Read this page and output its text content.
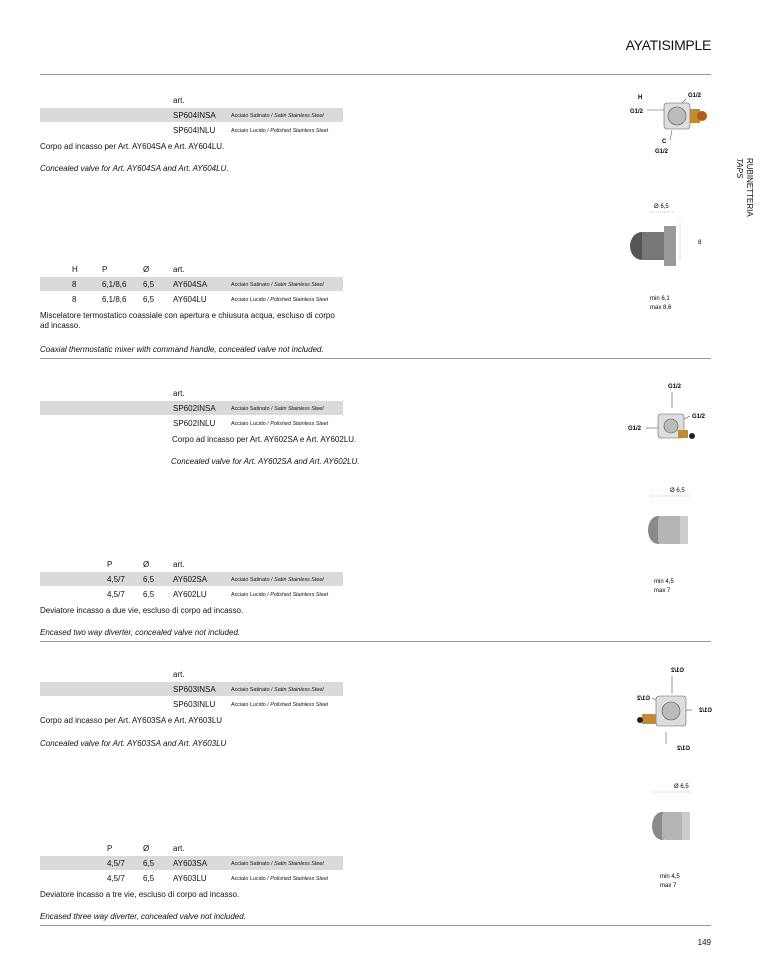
AYATISIMPLE
RUBINETTERIA
TAPS
art.
SP604INSA	Acciaio Satinato / Satin Stainless Steel
SP604INLU	Acciaio Lucido / Polished Stainless Steel
Corpo ad incasso per Art. AY604SA e Art. AY604LU.
Concealed valve for Art. AY604SA and Art. AY604LU.
H	P	Ø	art.
8	6,1/8,6 6,5 AY604SA	Acciaio Satinato / Satin Stainless Steel
8	6,1/8,6 6,5 AY604LU	Acciaio Lucido / Polished Stainless Steel
Miscelatore termostatico coassiale con apertura e chiusura acqua, escluso di corpo ad incasso.
Coaxial thermostatic mixer with command handle, concealed valve not included.
H	G1/2
G1/2
C
G1/2
Ø 6,5
8
min 6,1
max 8,6
art.
SP602INSA	Acciaio Satinato / Satin Stainless Steel
SP602INLU	Acciaio Lucido / Polished Stainless Steel
Corpo ad incasso per Art. AY602SA e Art. AY602LU.
Concealed valve for Art. AY602SA and Art. AY602LU.
P	Ø	art.
4,5/7 6,5 AY602SA	Acciaio Satinato / Satin Stainless Steel
4,5/7 6,5 AY602LU	Acciaio Lucido / Polished Stainless Steel
Deviatore incasso a due vie, escluso di corpo ad incasso.
Encased two way diverter, concealed valve not included.
G1/2
G1/2
G1/2
Ø 6,5
min 4,5
max 7
art.
SP603INSA	Acciaio Satinato / Satin Stainless Steel
SP603INLU	Acciaio Lucido / Polished Stainless Steel
Corpo ad incasso per Art. AY603SA e Art. AY603LU
Concealed valve for Art. AY603SA and Art. AY603LU
P	Ø	art.
4,5/7 6,5 AY603SA	Acciaio Satinato / Satin Stainless Steel
4,5/7 6,5 AY603LU	Acciaio Lucido / Polished Stainless Steel
Deviatore incasso a tre vie, escluso di corpo ad incasso.
Encased three way diverter, concealed valve not included.
G1/2
G1/2
G1/2
G1/2
Ø 6,5
min 4,5
max 7
149
